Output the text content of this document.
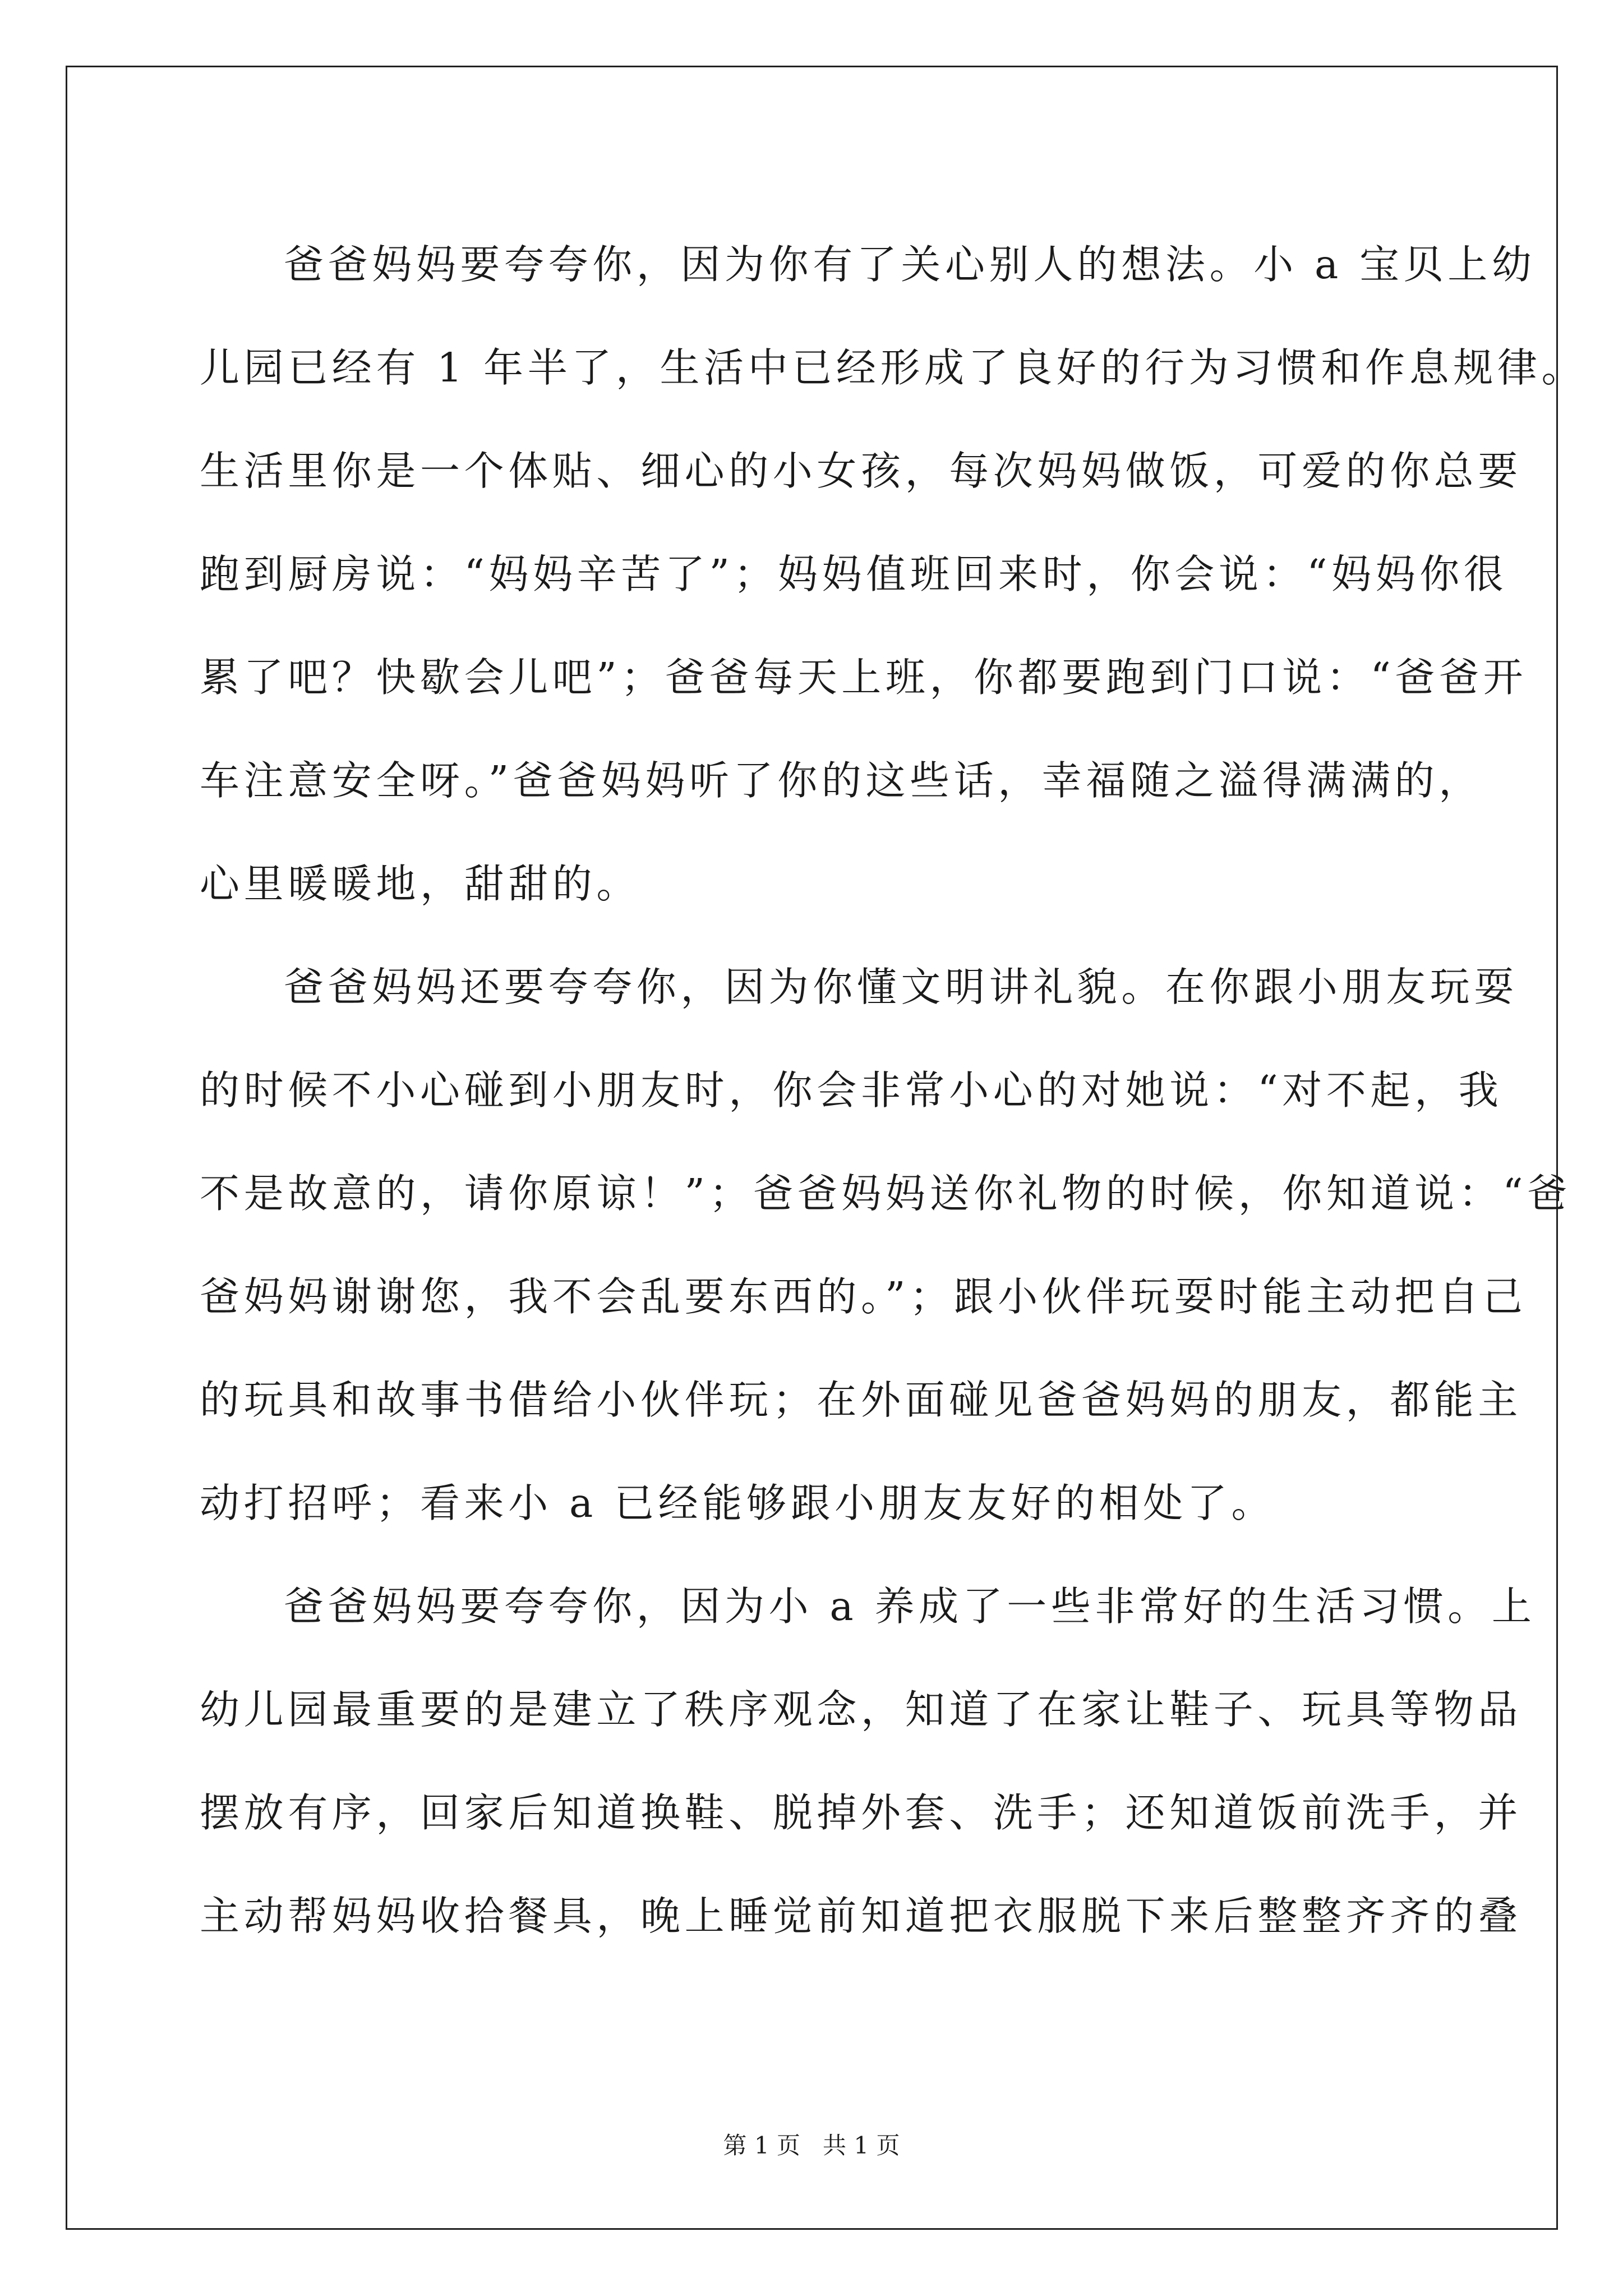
爸爸妈妈要夸夸你，因为你有了关心别人的想法。小 a 宝贝上幼
儿园已经有 1 年半了，生活中已经形成了良好的行为习惯和作息规律。
生活里你是一个体贴、细心的小女孩，每次妈妈做饭，可爱的你总要
跑到厨房说：“妈妈辛苦了”；妈妈值班回来时，你会说：“妈妈你很
累了吧？快歇会儿吧”；爸爸每天上班，你都要跑到门口说：“爸爸开
车注意安全呀。”爸爸妈妈听了你的这些话，幸福随之溢得满满的，
心里暖暖地，甜甜的。
爸爸妈妈还要夸夸你，因为你懂文明讲礼貌。在你跟小朋友玩耍
的时候不小心碰到小朋友时，你会非常小心的对她说：“对不起，我
不是故意的，请你原谅！”；爸爸妈妈送你礼物的时候，你知道说：“爸
爸妈妈谢谢您，我不会乱要东西的。”；跟小伙伴玩耍时能主动把自己
的玩具和故事书借给小伙伴玩；在外面碰见爸爸妈妈的朋友，都能主
动打招呼；看来小 a 已经能够跟小朋友友好的相处了。
爸爸妈妈要夸夸你，因为小 a 养成了一些非常好的生活习惯。上
幼儿园最重要的是建立了秩序观念，知道了在家让鞋子、玩具等物品
摆放有序，回家后知道换鞋、脱掉外套、洗手；还知道饭前洗手，并
主动帮妈妈收拾餐具，晚上睡觉前知道把衣服脱下来后整整齐齐的叠
第 1 页   共 1 页
